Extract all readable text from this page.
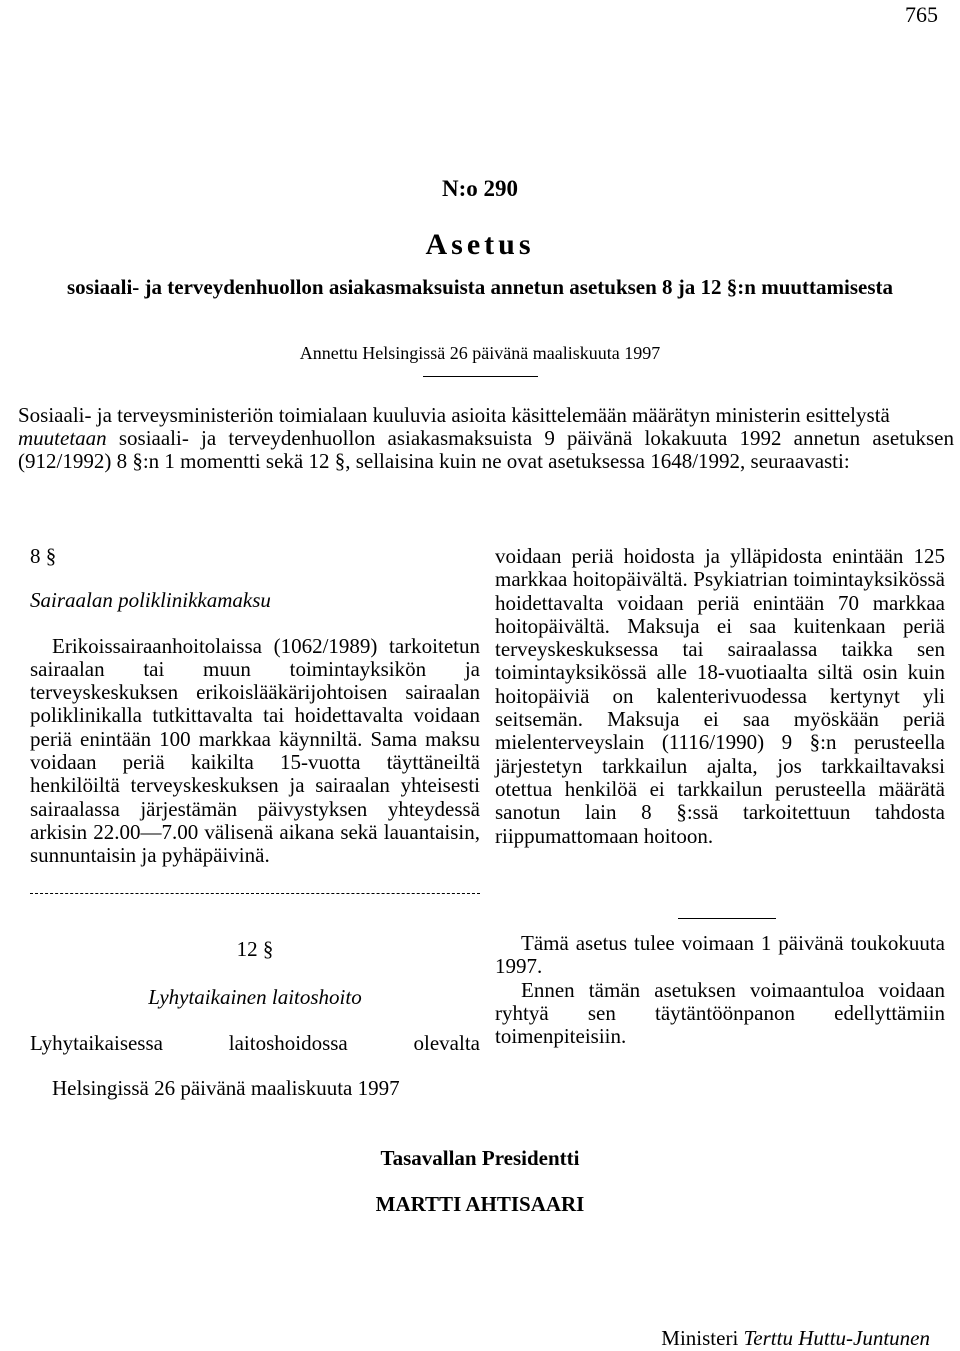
765
N:o 290
Asetus
sosiaali- ja terveydenhuollon asiakasmaksuista annetun asetuksen 8 ja 12 §:n muuttamisesta
Annettu Helsingissä 26 päivänä maaliskuuta 1997

Sosiaali- ja terveysministeriön toimialaan kuuluvia asioita käsittelemään määrätyn ministerin esittelystä

muutetaan sosiaali- ja terveydenhuollon asiakasmaksuista 9 päivänä lokakuuta 1992 annetun asetuksen (912/1992) 8 §:n 1 momentti sekä 12 §, sellaisina kuin ne ovat asetuksessa 1648/1992, seuraavasti:

8 §

Sairaalan poliklinikkamaksu

Erikoissairaanhoitolaissa (1062/1989) tarkoitetun sairaalan tai muun toimintayksikön ja terveyskeskuksen erikoislääkärijohtoisen sairaalan poliklinikalla tutkittavalta tai hoidettavalta voidaan periä enintään 100 markkaa käynniltä. Sama maksu voidaan periä kaikilta 15-vuotta täyttäneiltä henkilöiltä terveyskeskuksen ja sairaalan yhteisesti sairaalassa järjestämän päivystyksen yhteydessä arkisin 22.00—7.00 välisenä aikana sekä lauantaisin, sunnuntaisin ja pyhäpäivinä.

12 §
Lyhytaikainen laitoshoito

Lyhytaikaisessa laitoshoidossa olevalta

voidaan periä hoidosta ja ylläpidosta enintään 125 markkaa hoitopäivältä. Psykiatrian toimintayksikössä hoidettavalta voidaan periä enintään 70 markkaa hoitopäivältä. Maksuja ei saa kuitenkaan periä terveyskeskuksessa tai sairaalassa taikka sen toimintayksikössä alle 18-vuotiaalta siltä osin kuin hoitopäiviä on kalenterivuodessa kertynyt yli seitsemän. Maksuja ei saa myöskään periä mielenterveyslain (1116/1990) 9 §:n perusteella järjestetyn tarkkailun ajalta, jos tarkkailtavaksi otettua henkilöä ei tarkkailun perusteella määrätä sanotun lain 8 §:ssä tarkoitettuun tahdosta riippumattomaan hoitoon.

Tämä asetus tulee voimaan 1 päivänä toukokuuta 1997.

Ennen tämän asetuksen voimaantuloa voidaan ryhtyä sen täytäntöönpanon edellyttämiin toimenpiteisiin.

Helsingissä 26 päivänä maaliskuuta 1997
Tasavallan Presidentti
MARTTI AHTISAARI
Ministeri Terttu Huttu-Juntunen
